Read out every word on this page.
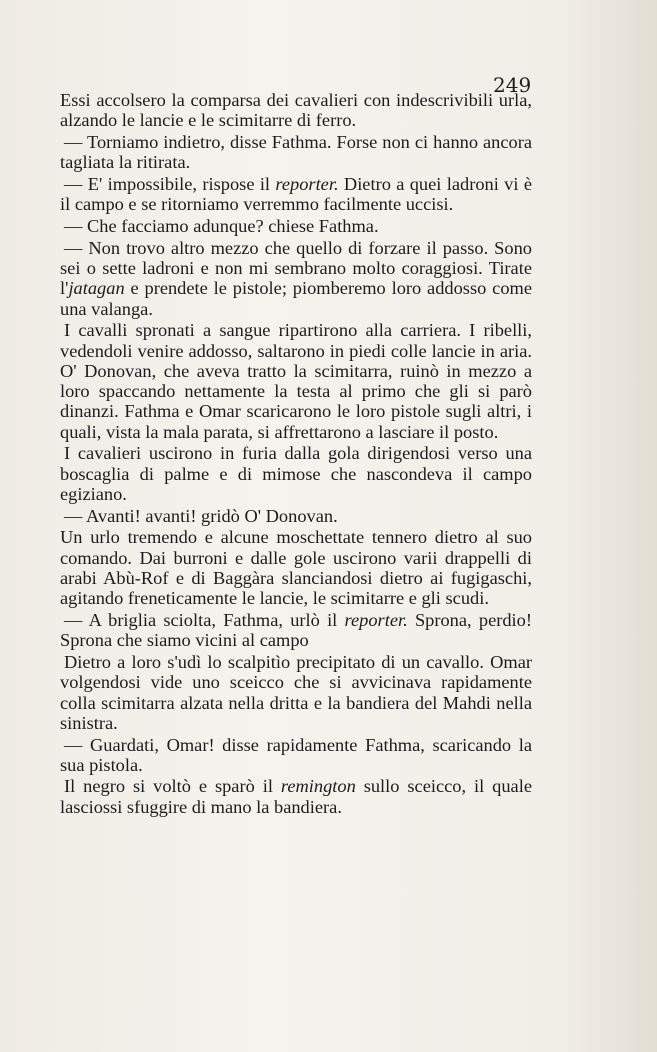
249

Essi accolsero la comparsa dei cavalieri con indescrivibili urla, alzando le lancie e le scimitarre di ferro.

— Torniamo indietro, disse Fathma. Forse non ci hanno ancora tagliata la ritirata.

— E' impossibile, rispose il reporter. Dietro a quei ladroni vi è il campo e se ritorniamo verremmo facilmente uccisi.

— Che facciamo adunque? chiese Fathma.

— Non trovo altro mezzo che quello di forzare il passo. Sono sei o sette ladroni e non mi sembrano molto coraggiosi. Tirate l'jatagan e prendete le pistole; piomberemo loro addosso come una valanga.

I cavalli spronati a sangue ripartirono alla carriera. I ribelli, vedendoli venire addosso, saltarono in piedi colle lancie in aria. O' Donovan, che aveva tratto la scimitarra, ruinò in mezzo a loro spaccando nettamente la testa al primo che gli si parò dinanzi. Fathma e Omar scaricarono le loro pistole sugli altri, i quali, vista la mala parata, si affrettarono a lasciare il posto.

I cavalieri uscirono in furia dalla gola dirigendosi verso una boscaglia di palme e di mimose che nascondeva il campo egiziano.

— Avanti! avanti! gridò O' Donovan.

Un urlo tremendo e alcune moschettate tennero dietro al suo comando. Dai burroni e dalle gole uscirono varii drappelli di arabi Abù-Rof e di Baggàra slanciandosi dietro ai fugigaschi, agitando freneticamente le lancie, le scimitarre e gli scudi.

— A briglia sciolta, Fathma, urlò il reporter. Sprona, perdio! Sprona che siamo vicini al campo

Dietro a loro s'udì lo scalpitìo precipitato di un cavallo. Omar volgendosi vide uno sceicco che si avvicinava rapidamente colla scimitarra alzata nella dritta e la bandiera del Mahdi nella sinistra.

— Guardati, Omar! disse rapidamente Fathma, scaricando la sua pistola.

Il negro si voltò e sparò il remington sullo sceicco, il quale lasciossi sfuggire di mano la bandiera.
